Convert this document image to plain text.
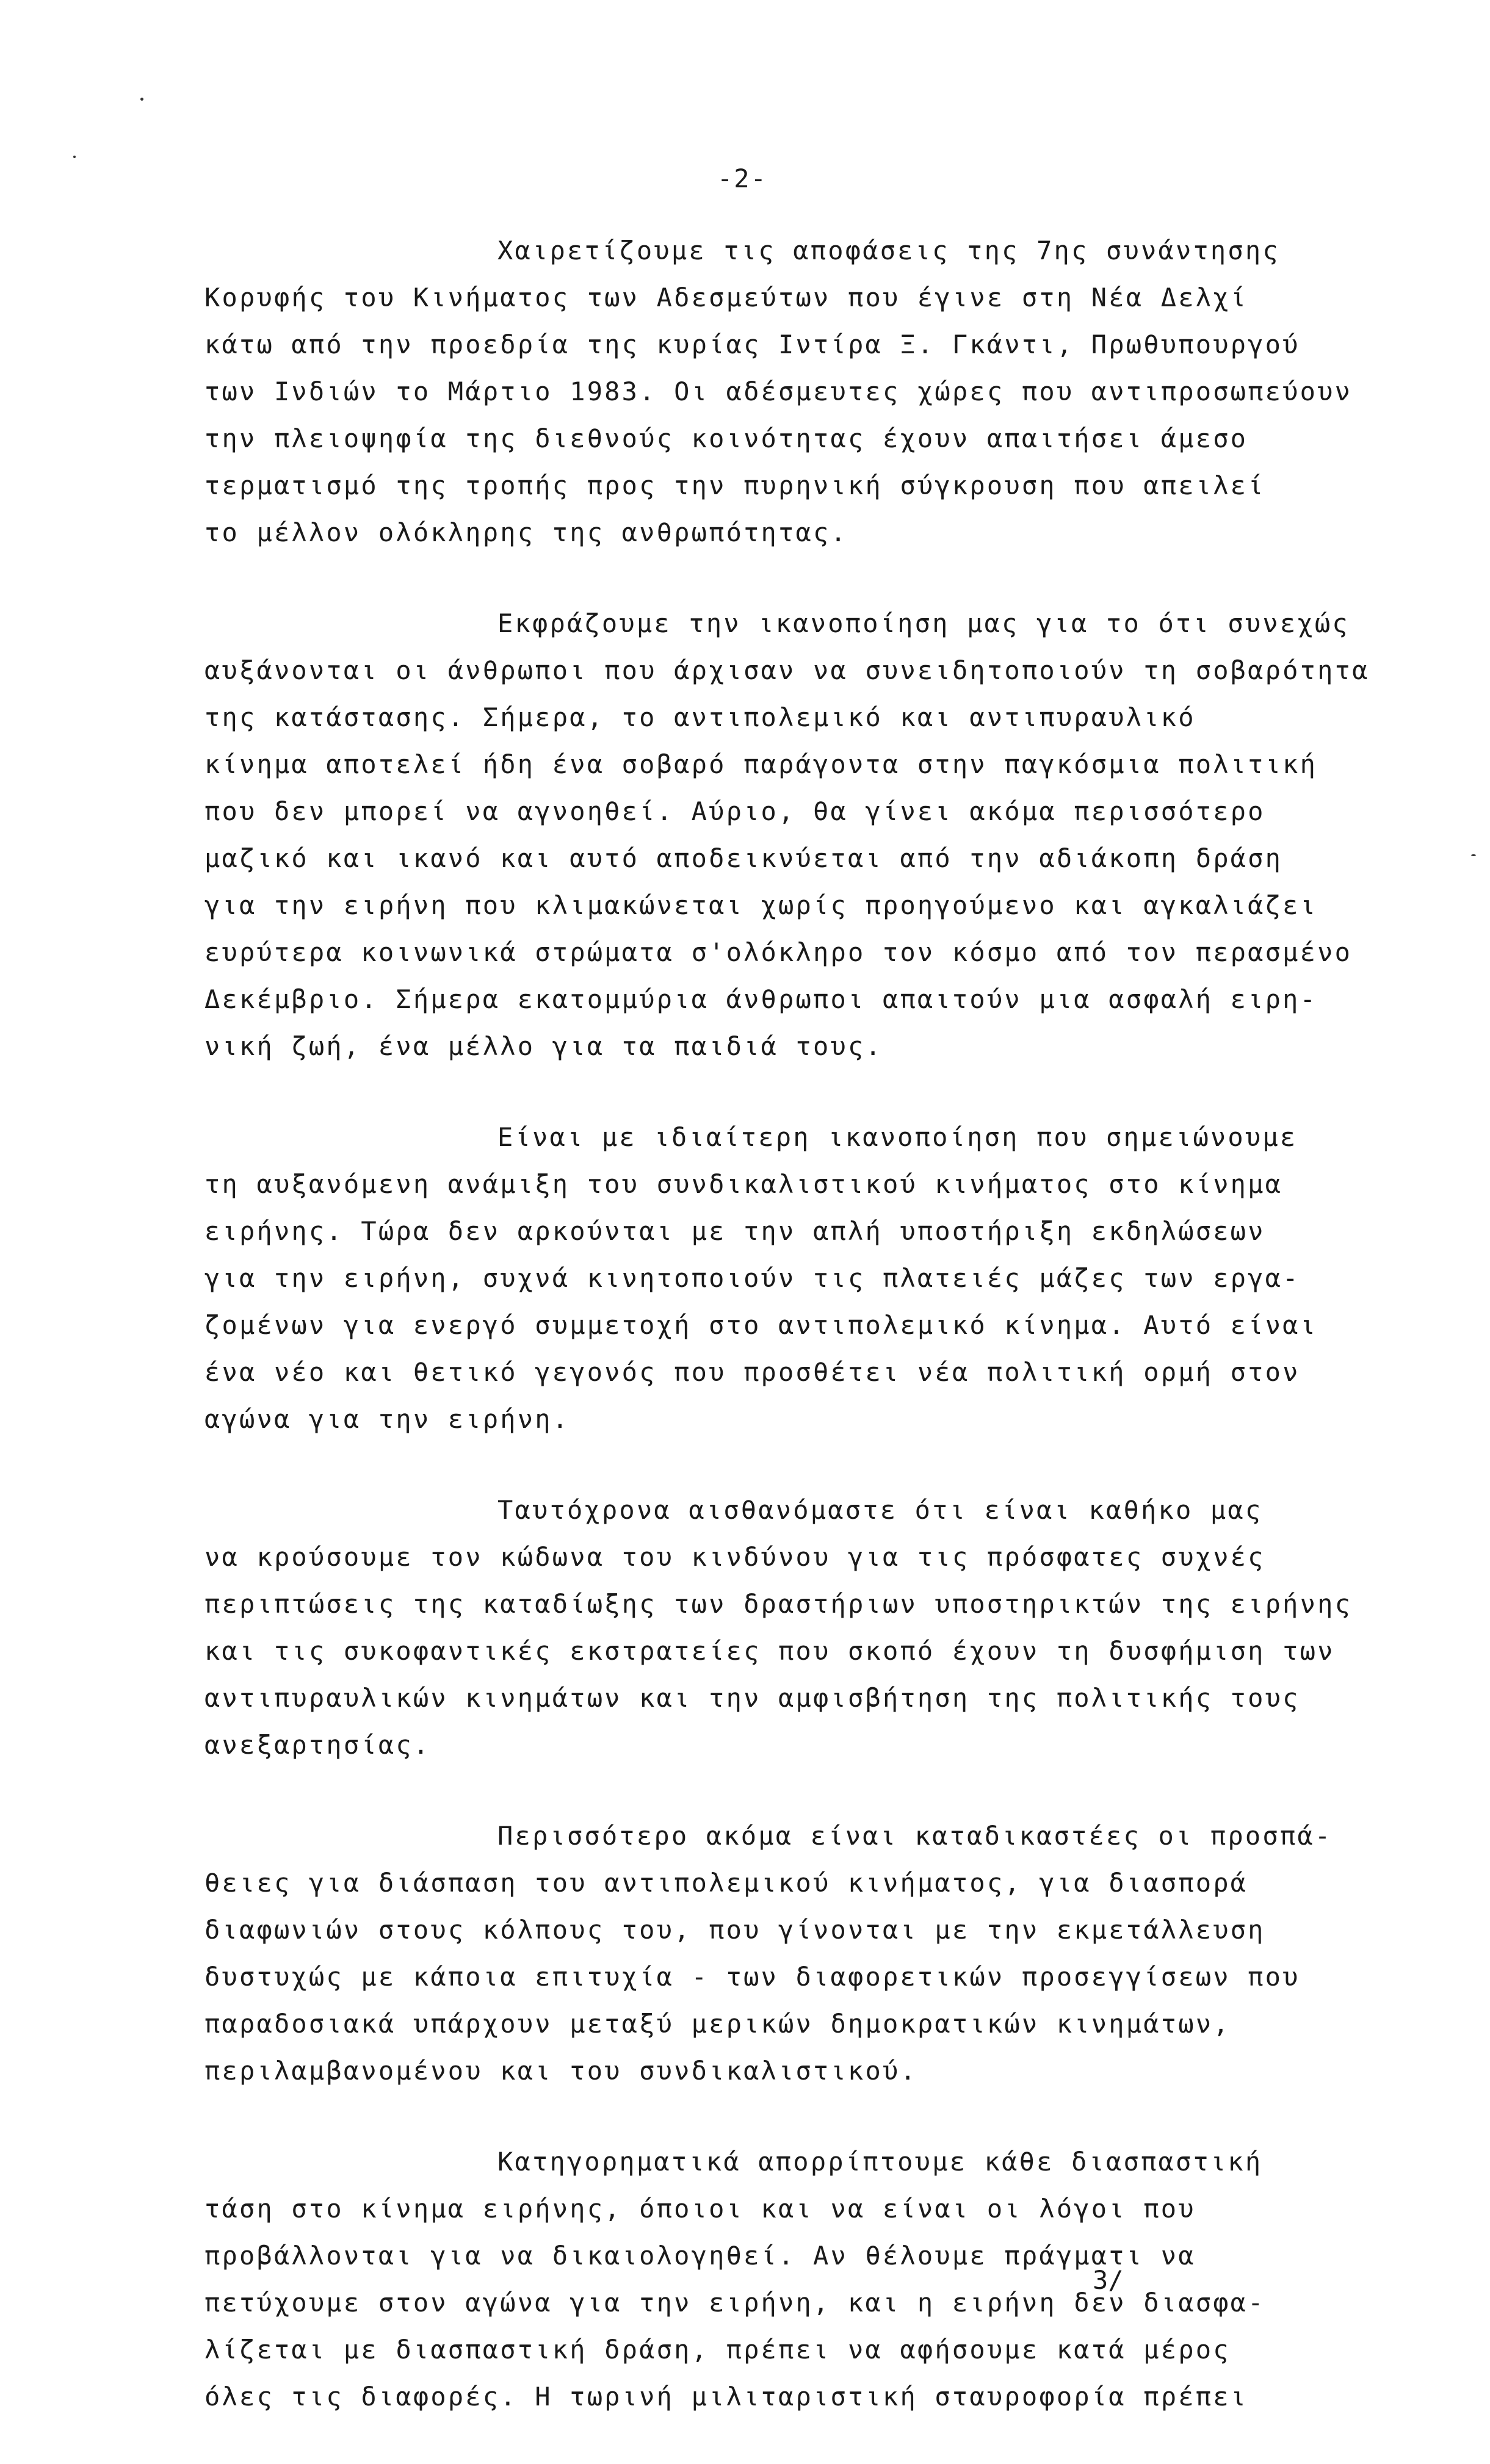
-2-
Χαιρετίζουμε τις αποφάσεις της 7ης συνάντησης
Κορυφής του Κινήματος των Αδεσμεύτων που έγινε στη Νέα Δελχί
κάτω από την προεδρία της κυρίας Ιντίρα Ξ. Γκάντι, Πρωθυπουργού
των Ινδιών το Μάρτιο 1983. Οι αδέσμευτες χώρες που αντιπροσωπεύουν
την πλειοψηφία της διεθνούς κοινότητας έχουν απαιτήσει άμεσο
τερματισμό της τροπής προς την πυρηνική σύγκρουση που απειλεί
το μέλλον ολόκληρης της ανθρωπότητας.
Εκφράζουμε την ικανοποίηση μας για το ότι συνεχώς
αυξάνονται οι άνθρωποι που άρχισαν να συνειδητοποιούν τη σοβαρότητα
της κατάστασης. Σήμερα, το αντιπολεμικό και αντιπυραυλικό
κίνημα αποτελεί ήδη ένα σοβαρό παράγοντα στην παγκόσμια πολιτική
που δεν μπορεί να αγνοηθεί. Αύριο, θα γίνει ακόμα περισσότερο
μαζικό και ικανό και αυτό αποδεικνύεται από την αδιάκοπη δράση
για την ειρήνη που κλιμακώνεται χωρίς προηγούμενο και αγκαλιάζει
ευρύτερα κοινωνικά στρώματα σ'ολόκληρο τον κόσμο από τον περασμένο
Δεκέμβριο. Σήμερα εκατομμύρια άνθρωποι απαιτούν μια ασφαλή ειρη-
νική ζωή, ένα μέλλο για τα παιδιά τους.
Είναι με ιδιαίτερη ικανοποίηση που σημειώνουμε
τη αυξανόμενη ανάμιξη του συνδικαλιστικού κινήματος στο κίνημα
ειρήνης. Τώρα δεν αρκούνται με την απλή υποστήριξη εκδηλώσεων
για την ειρήνη, συχνά κινητοποιούν τις πλατειές μάζες των εργα-
ζομένων για ενεργό συμμετοχή στο αντιπολεμικό κίνημα. Αυτό είναι
ένα νέο και θετικό γεγονός που προσθέτει νέα πολιτική ορμή στον
αγώνα για την ειρήνη.
Ταυτόχρονα αισθανόμαστε ότι είναι καθήκο μας
να κρούσουμε τον κώδωνα του κινδύνου για τις πρόσφατες συχνές
περιπτώσεις της καταδίωξης των δραστήριων υποστηρικτών της ειρήνης
και τις συκοφαντικές εκστρατείες που σκοπό έχουν τη δυσφήμιση των
αντιπυραυλικών κινημάτων και την αμφισβήτηση της πολιτικής τους
ανεξαρτησίας.
Περισσότερο ακόμα είναι καταδικαστέες οι προσπά-
θειες για διάσπαση του αντιπολεμικού κινήματος, για διασπορά
διαφωνιών στους κόλπους του, που γίνονται με την εκμετάλλευση
δυστυχώς με κάποια επιτυχία - των διαφορετικών προσεγγίσεων που
παραδοσιακά υπάρχουν μεταξύ μερικών δημοκρατικών κινημάτων,
περιλαμβανομένου και του συνδικαλιστικού.
Κατηγορηματικά απορρίπτουμε κάθε διασπαστική
τάση στο κίνημα ειρήνης, όποιοι και να είναι οι λόγοι που
προβάλλονται για να δικαιολογηθεί. Αν θέλουμε πράγματι να
πετύχουμε στον αγώνα για την ειρήνη, και η ειρήνη δεν διασφα-
λίζεται με διασπαστική δράση, πρέπει να αφήσουμε κατά μέρος
όλες τις διαφορές. Η τωρινή μιλιταριστική σταυροφορία πρέπει
3/
